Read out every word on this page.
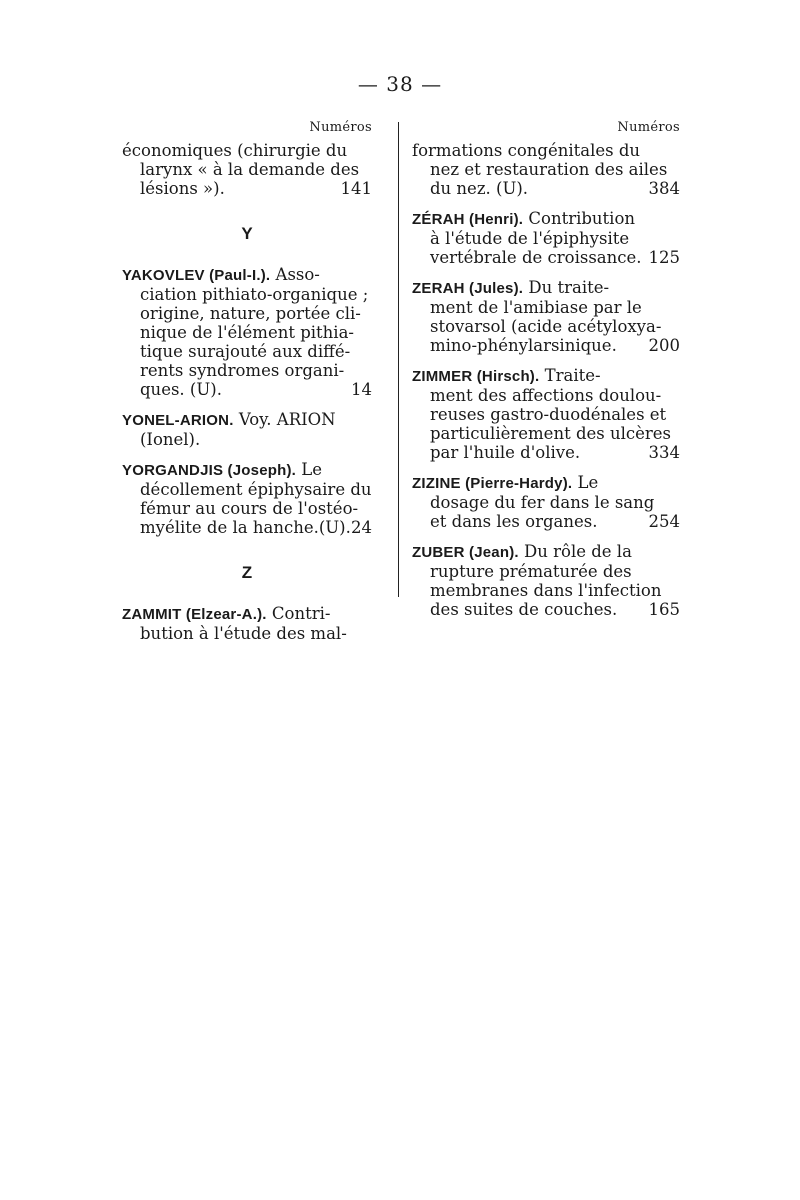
— 38 —
Numéros
économiques (chirurgie du
larynx « à la demande des
lésions »).	141
Y
YAKOVLEV (Paul-I.). Asso-
ciation pithiato-organique ;
origine, nature, portée cli-
nique de l'élément pithia-
tique surajouté aux diffé-
rents syndromes organi-
ques. (U).	14
YONEL-ARION. Voy. ARION
(Ionel).
YORGANDJIS (Joseph). Le
décollement épiphysaire du
fémur au cours de l'ostéo-
myélite de la hanche.(U). 24
Z
ZAMMIT (Elzear-A.). Contri-
bution à l'étude des mal-
Numéros
formations congénitales du
nez et restauration des ailes
du nez. (U).	384
ZÉRAH (Henri). Contribution
à l'étude de l'épiphysite
vertébrale de croissance. 125
ZERAH (Jules). Du traite-
ment de l'amibiase par le
stovarsol (acide acétyloxya-
mino-phénylarsinique. 200
ZIMMER (Hirsch). Traite-
ment des affections doulou-
reuses gastro-duodénales et
particulièrement des ulcères
par l'huile d'olive.	334
ZIZINE (Pierre-Hardy). Le
dosage du fer dans le sang
et dans les organes.	254
ZUBER (Jean). Du rôle de la
rupture prématurée des
membranes dans l'infection
des suites de couches. 165
